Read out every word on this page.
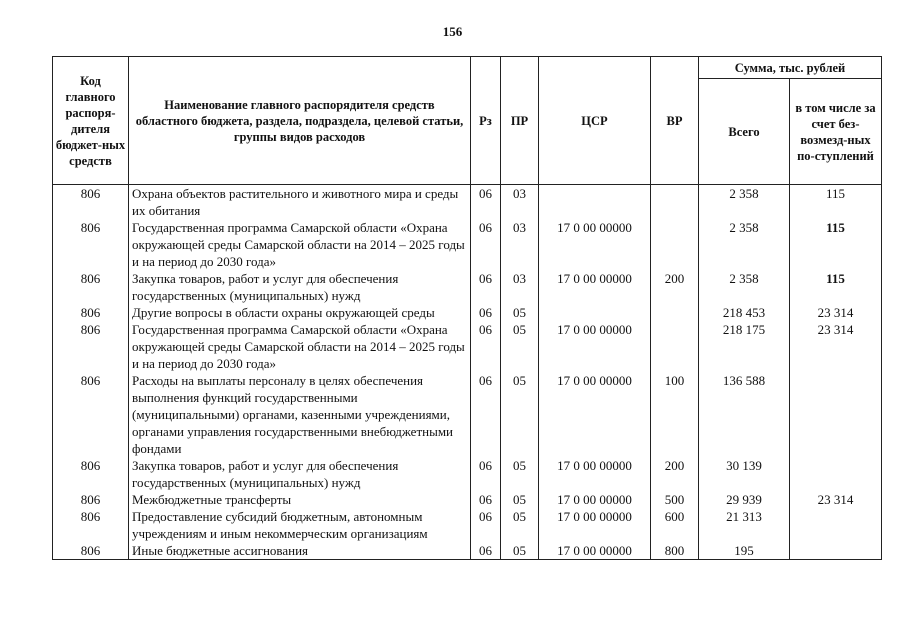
156
Код главного распоря-дителя бюджет-ных средств	Наименование главного распорядителя средств областного бюджета, раздела, подраздела, целевой статьи, группы видов расходов	Рз	ПР	ЦСР	ВР	Сумма, тыс. рублей	
						Всего	в том числе за счет без-возмезд-ных по-ступлений
806	Охрана объектов растительного и животного мира и среды их обитания	06	03			2 358	115
806	Государственная программа Самарской области «Охрана окружающей среды Самарской области на 2014 – 2025 годы и на период до 2030 года»	06	03	17 0 00 00000		2 358	115
806	Закупка товаров, работ и услуг для обеспечения государственных (муниципальных) нужд	06	03	17 0 00 00000	200	2 358	115
806	Другие вопросы в области охраны окружающей среды	06	05			218 453	23 314
806	Государственная программа Самарской области «Охрана окружающей среды Самарской области на 2014 – 2025 годы и на период до 2030 года»	06	05	17 0 00 00000		218 175	23 314
806	Расходы на выплаты персоналу в целях обеспечения выполнения функций государственными (муниципальными) органами, казенными учреждениями, органами управления государственными внебюджетными фондами	06	05	17 0 00 00000	100	136 588	
806	Закупка товаров, работ и услуг для обеспечения государственных (муниципальных) нужд	06	05	17 0 00 00000	200	30 139	
806	Межбюджетные трансферты	06	05	17 0 00 00000	500	29 939	23 314
806	Предоставление субсидий бюджетным, автономным учреждениям и иным некоммерческим организациям	06	05	17 0 00 00000	600	21 313	
806	Иные бюджетные ассигнования	06	05	17 0 00 00000	800	195	
